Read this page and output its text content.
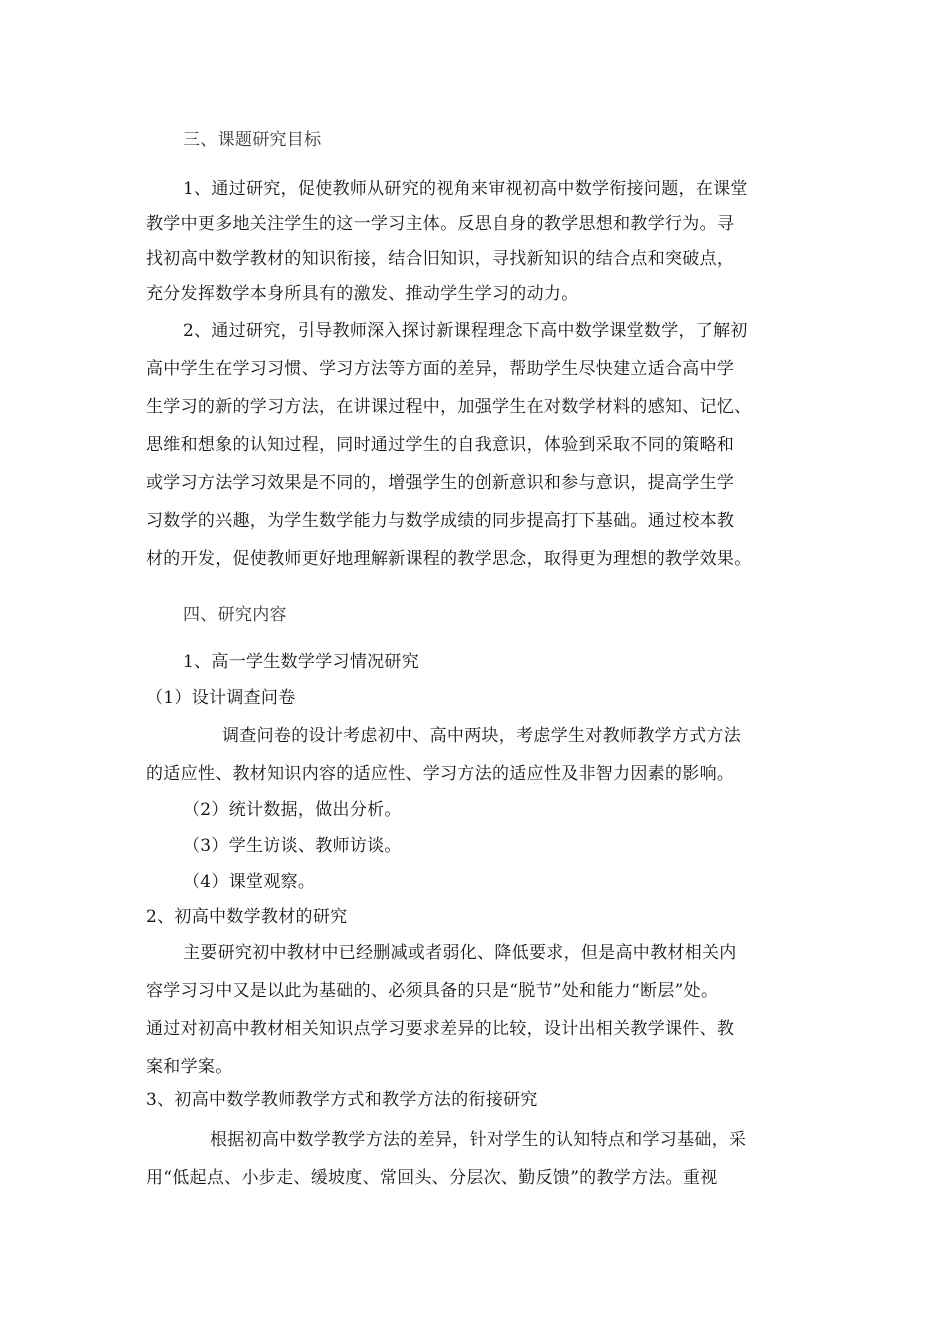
三、课题研究目标

1、通过研究，促使教师从研究的视角来审视初高中数学衔接问题，在课堂

教学中更多地关注学生的这一学习主体。反思自身的教学思想和教学行为。寻

找初高中数学教材的知识衔接，结合旧知识，寻找新知识的结合点和突破点，

充分发挥数学本身所具有的激发、推动学生学习的动力。

2、通过研究，引导教师深入探讨新课程理念下高中数学课堂数学，了解初

高中学生在学习习惯、学习方法等方面的差异，帮助学生尽快建立适合高中学

生学习的新的学习方法，在讲课过程中，加强学生在对数学材料的感知、记忆、

思维和想象的认知过程，同时通过学生的自我意识，体验到采取不同的策略和

或学习方法学习效果是不同的，增强学生的创新意识和参与意识，提高学生学

习数学的兴趣，为学生数学能力与数学成绩的同步提高打下基础。通过校本教

材的开发，促使教师更好地理解新课程的教学思念，取得更为理想的教学效果。

四、研究内容

1、高一学生数学学习情况研究

（1）设计调查问卷

调查问卷的设计考虑初中、高中两块，考虑学生对教师教学方式方法

的适应性、教材知识内容的适应性、学习方法的适应性及非智力因素的影响。

（2）统计数据，做出分析。

（3）学生访谈、教师访谈。

（4）课堂观察。

2、初高中数学教材的研究

主要研究初中教材中已经删减或者弱化、降低要求，但是高中教材相关内

容学习习中又是以此为基础的、必须具备的只是“脱节”处和能力“断层”处。

通过对初高中教材相关知识点学习要求差异的比较，设计出相关教学课件、教

案和学案。

3、初高中数学教师教学方式和教学方法的衔接研究

根据初高中数学教学方法的差异，针对学生的认知特点和学习基础，采

用“低起点、小步走、缓坡度、常回头、分层次、勤反馈”的教学方法。重视
